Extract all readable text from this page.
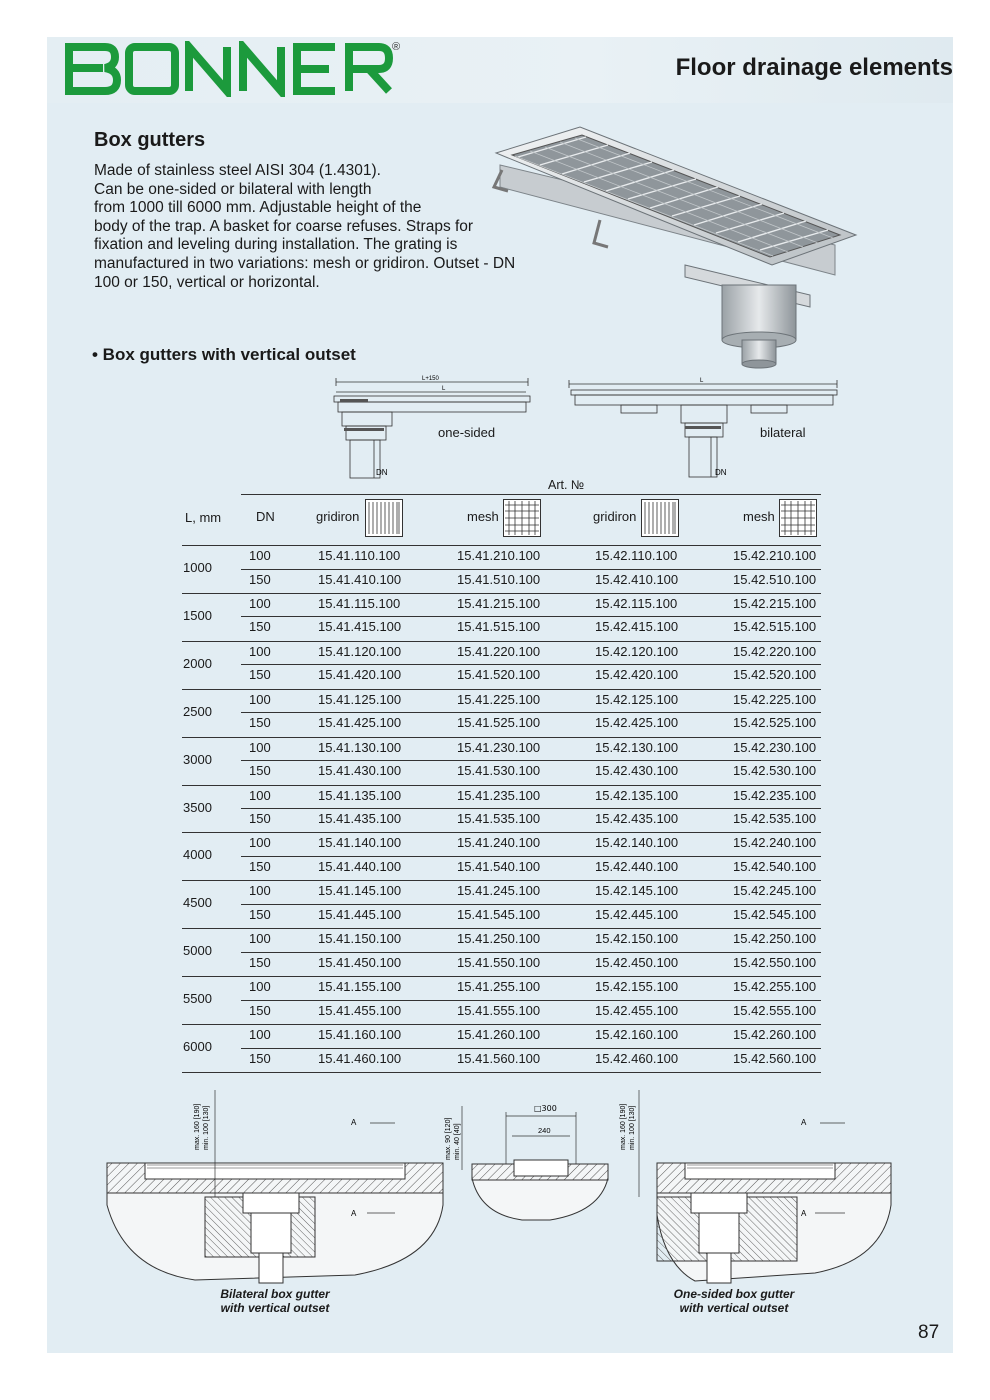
®
Floor drainage elements
Box gutters

Made of stainless steel AISI 304 (1.4301).
Can be one-sided or bilateral with length
from 1000 till 6000 mm. Adjustable height of the
body of the trap. A basket for coarse refuses. Straps for
fixation and leveling during installation. The grating is
manufactured in two variations: mesh or gridiron. Outset - DN
100 or 150, vertical or horizontal.

• Box gutters with vertical outset
L+150
L
DN
one-sided
L
DN
bilateral
Art. №
L, mm	DN	gridiron	mesh	gridiron	mesh
1000
100	15.41.110.100	15.41.210.100	15.42.110.100	15.42.210.100
150	15.41.410.100	15.41.510.100	15.42.410.100	15.42.510.100
1500
100	15.41.115.100	15.41.215.100	15.42.115.100	15.42.215.100
150	15.41.415.100	15.41.515.100	15.42.415.100	15.42.515.100
2000
100	15.41.120.100	15.41.220.100	15.42.120.100	15.42.220.100
150	15.41.420.100	15.41.520.100	15.42.420.100	15.42.520.100
2500
100	15.41.125.100	15.41.225.100	15.42.125.100	15.42.225.100
150	15.41.425.100	15.41.525.100	15.42.425.100	15.42.525.100
3000
100	15.41.130.100	15.41.230.100	15.42.130.100	15.42.230.100
150	15.41.430.100	15.41.530.100	15.42.430.100	15.42.530.100
3500
100	15.41.135.100	15.41.235.100	15.42.135.100	15.42.235.100
150	15.41.435.100	15.41.535.100	15.42.435.100	15.42.535.100
4000
100	15.41.140.100	15.41.240.100	15.42.140.100	15.42.240.100
150	15.41.440.100	15.41.540.100	15.42.440.100	15.42.540.100
4500
100	15.41.145.100	15.41.245.100	15.42.145.100	15.42.245.100
150	15.41.445.100	15.41.545.100	15.42.445.100	15.42.545.100
5000
100	15.41.150.100	15.41.250.100	15.42.150.100	15.42.250.100
150	15.41.450.100	15.41.550.100	15.42.450.100	15.42.550.100
5500
100	15.41.155.100	15.41.255.100	15.42.155.100	15.42.255.100
150	15.41.455.100	15.41.555.100	15.42.455.100	15.42.555.100
6000
100	15.41.160.100	15.41.260.100	15.42.160.100	15.42.260.100
150	15.41.460.100	15.41.560.100	15.42.460.100	15.42.560.100
max. 160 [190] min. 100 [130]	A
A
Bilateral box gutter
with vertical outset
□300
240
max. 90 [120] min. 40 [40]	max. 160 [190] min. 100 [130]	A
A
One-sided box gutter
with vertical outset
87
